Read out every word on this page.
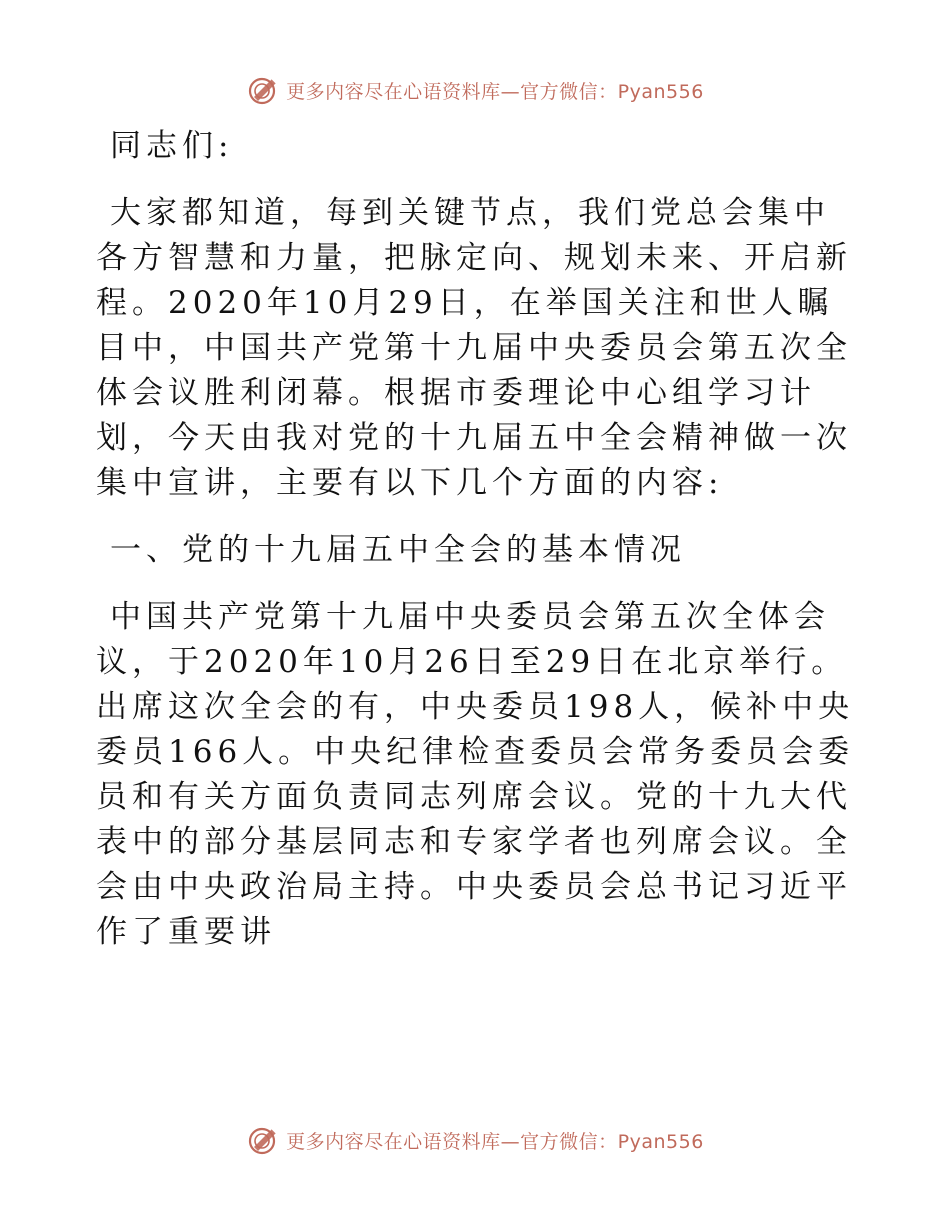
更多内容尽在心语资料库—官方微信：Pyan556

同志们:

大家都知道，每到关键节点，我们党总会集中各方智慧和力量，把脉定向、规划未来、开启新程。2020年10月29日，在举国关注和世人瞩目中，中国共产党第十九届中央委员会第五次全体会议胜利闭幕。根据市委理论中心组学习计划，今天由我对党的十九届五中全会精神做一次集中宣讲，主要有以下几个方面的内容:

一、党的十九届五中全会的基本情况

中国共产党第十九届中央委员会第五次全体会议，于2020年10月26日至29日在北京举行。出席这次全会的有，中央委员198人，候补中央委员166人。中央纪律检查委员会常务委员会委员和有关方面负责同志列席会议。党的十九大代表中的部分基层同志和专家学者也列席会议。全会由中央政治局主持。中央委员会总书记习近平作了重要讲

更多内容尽在心语资料库—官方微信：Pyan556
